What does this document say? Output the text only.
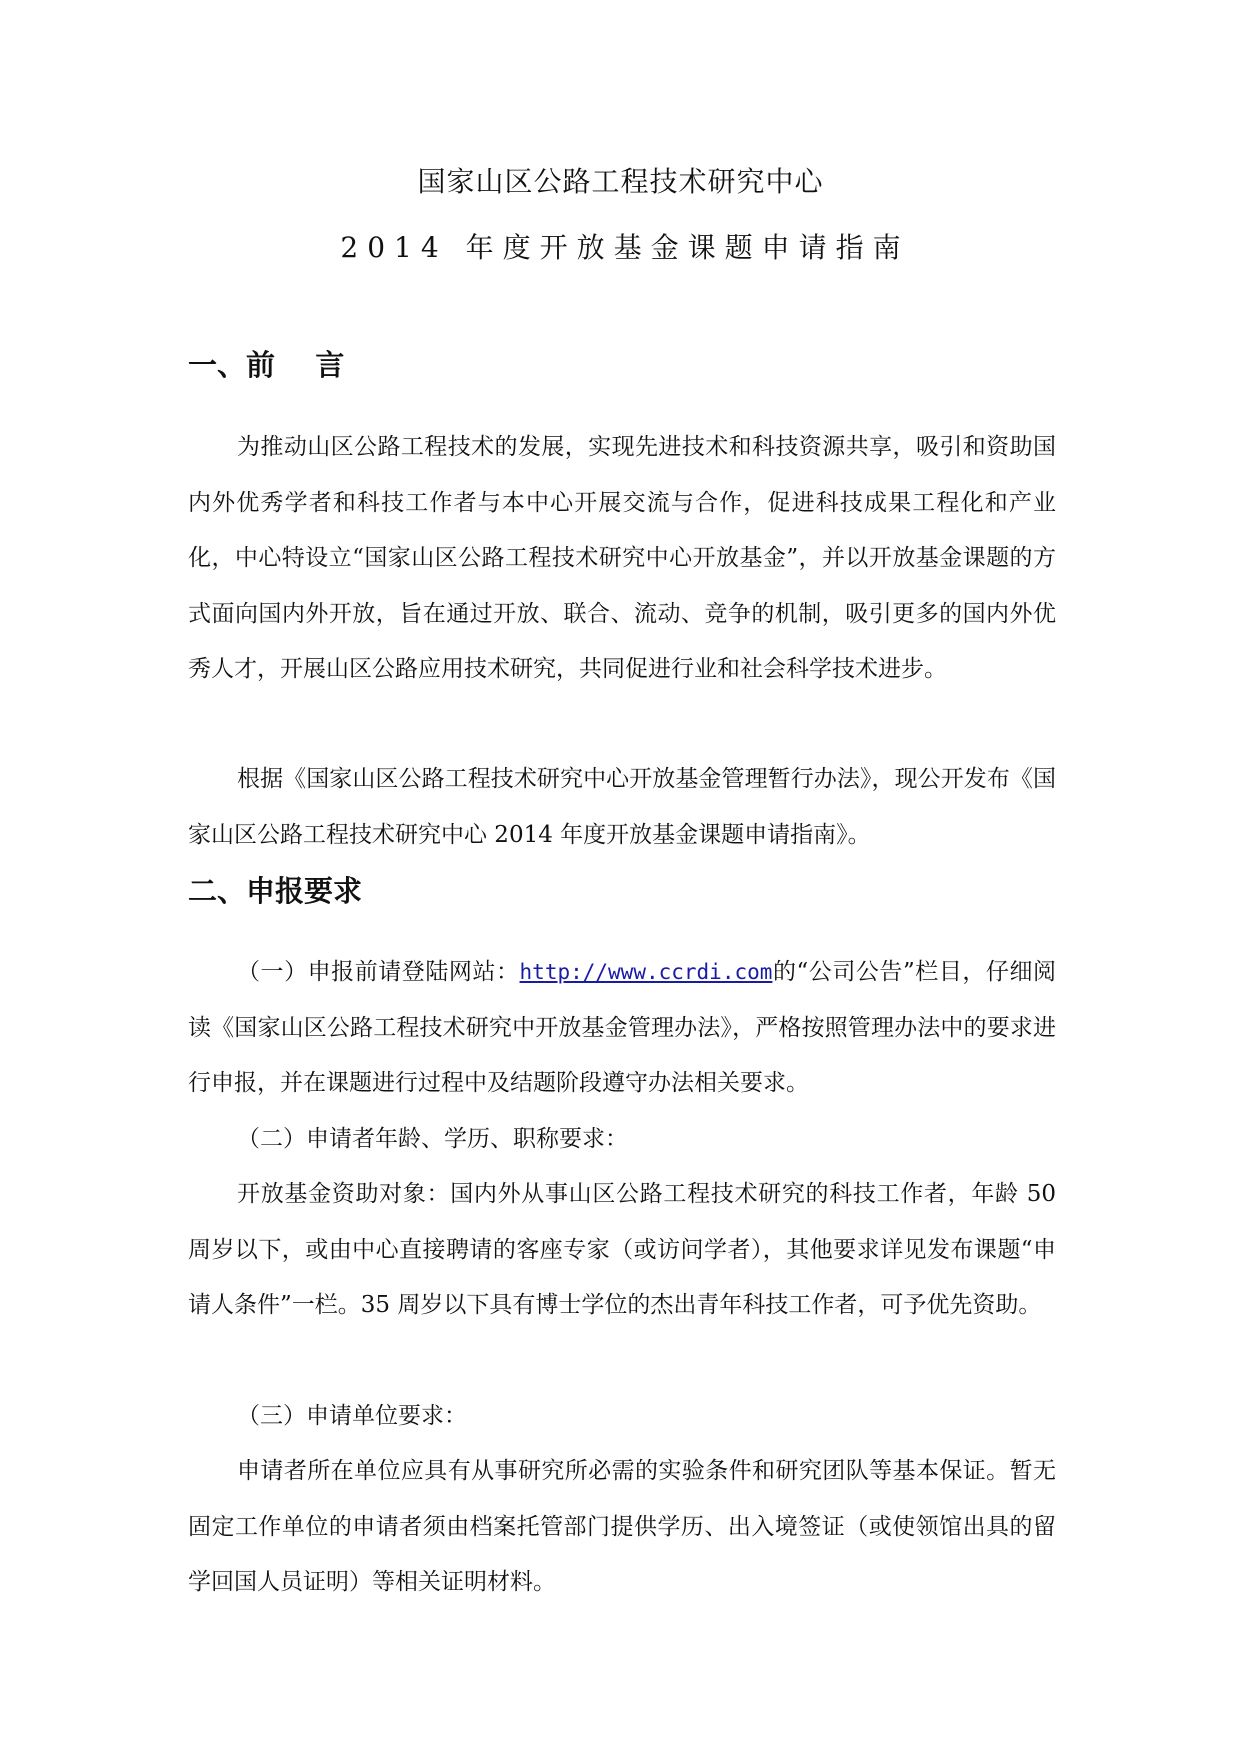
国家山区公路工程技术研究中心
2014 年度开放基金课题申请指南
一、前    言

为推动山区公路工程技术的发展，实现先进技术和科技资源共享，吸引和资助国内外优秀学者和科技工作者与本中心开展交流与合作，促进科技成果工程化和产业化，中心特设立“国家山区公路工程技术研究中心开放基金”，并以开放基金课题的方式面向国内外开放，旨在通过开放、联合、流动、竞争的机制，吸引更多的国内外优秀人才，开展山区公路应用技术研究，共同促进行业和社会科学技术进步。

根据《国家山区公路工程技术研究中心开放基金管理暂行办法》，现公开发布《国家山区公路工程技术研究中心 2014 年度开放基金课题申请指南》。

二、申报要求

（一）申报前请登陆网站：http://www.ccrdi.com的“公司公告”栏目，仔细阅读《国家山区公路工程技术研究中开放基金管理办法》，严格按照管理办法中的要求进行申报，并在课题进行过程中及结题阶段遵守办法相关要求。

（二）申请者年龄、学历、职称要求：

开放基金资助对象：国内外从事山区公路工程技术研究的科技工作者，年龄 50 周岁以下，或由中心直接聘请的客座专家（或访问学者），其他要求详见发布课题“申请人条件”一栏。35 周岁以下具有博士学位的杰出青年科技工作者，可予优先资助。

（三）申请单位要求：

申请者所在单位应具有从事研究所必需的实验条件和研究团队等基本保证。暂无固定工作单位的申请者须由档案托管部门提供学历、出入境签证（或使领馆出具的留学回国人员证明）等相关证明材料。
